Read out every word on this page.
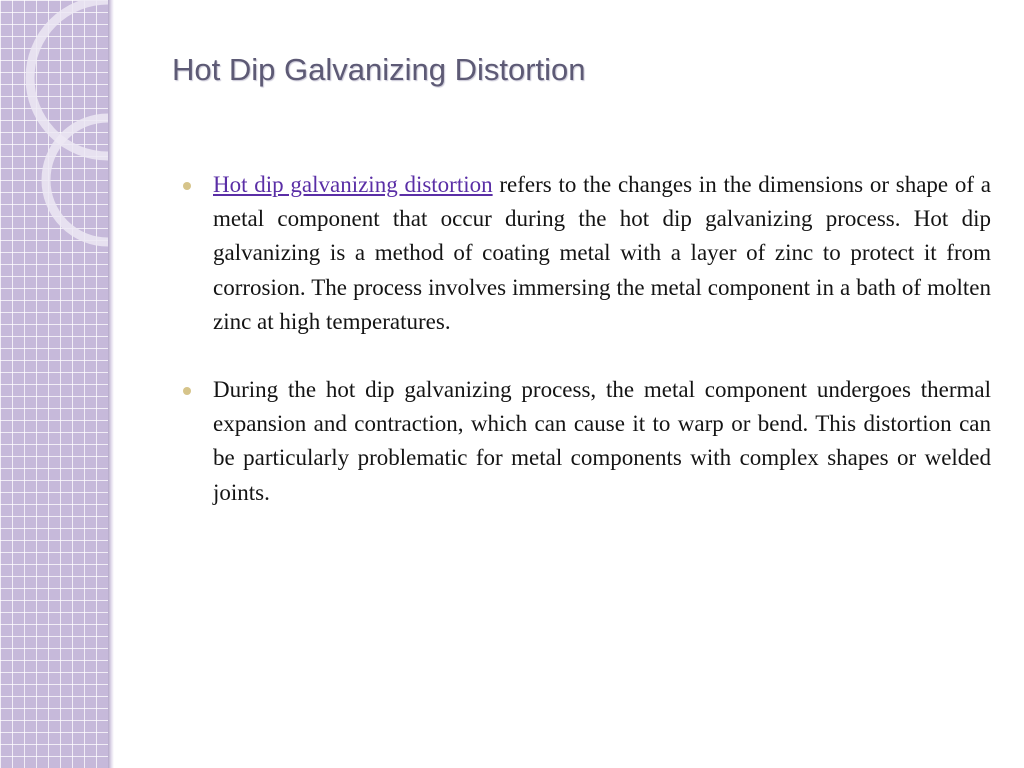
Hot Dip Galvanizing Distortion
Hot dip galvanizing distortion refers to the changes in the dimensions or shape of a metal component that occur during the hot dip galvanizing process. Hot dip galvanizing is a method of coating metal with a layer of zinc to protect it from corrosion. The process involves immersing the metal component in a bath of molten zinc at high temperatures.
During the hot dip galvanizing process, the metal component undergoes thermal expansion and contraction, which can cause it to warp or bend. This distortion can be particularly problematic for metal components with complex shapes or welded joints.
